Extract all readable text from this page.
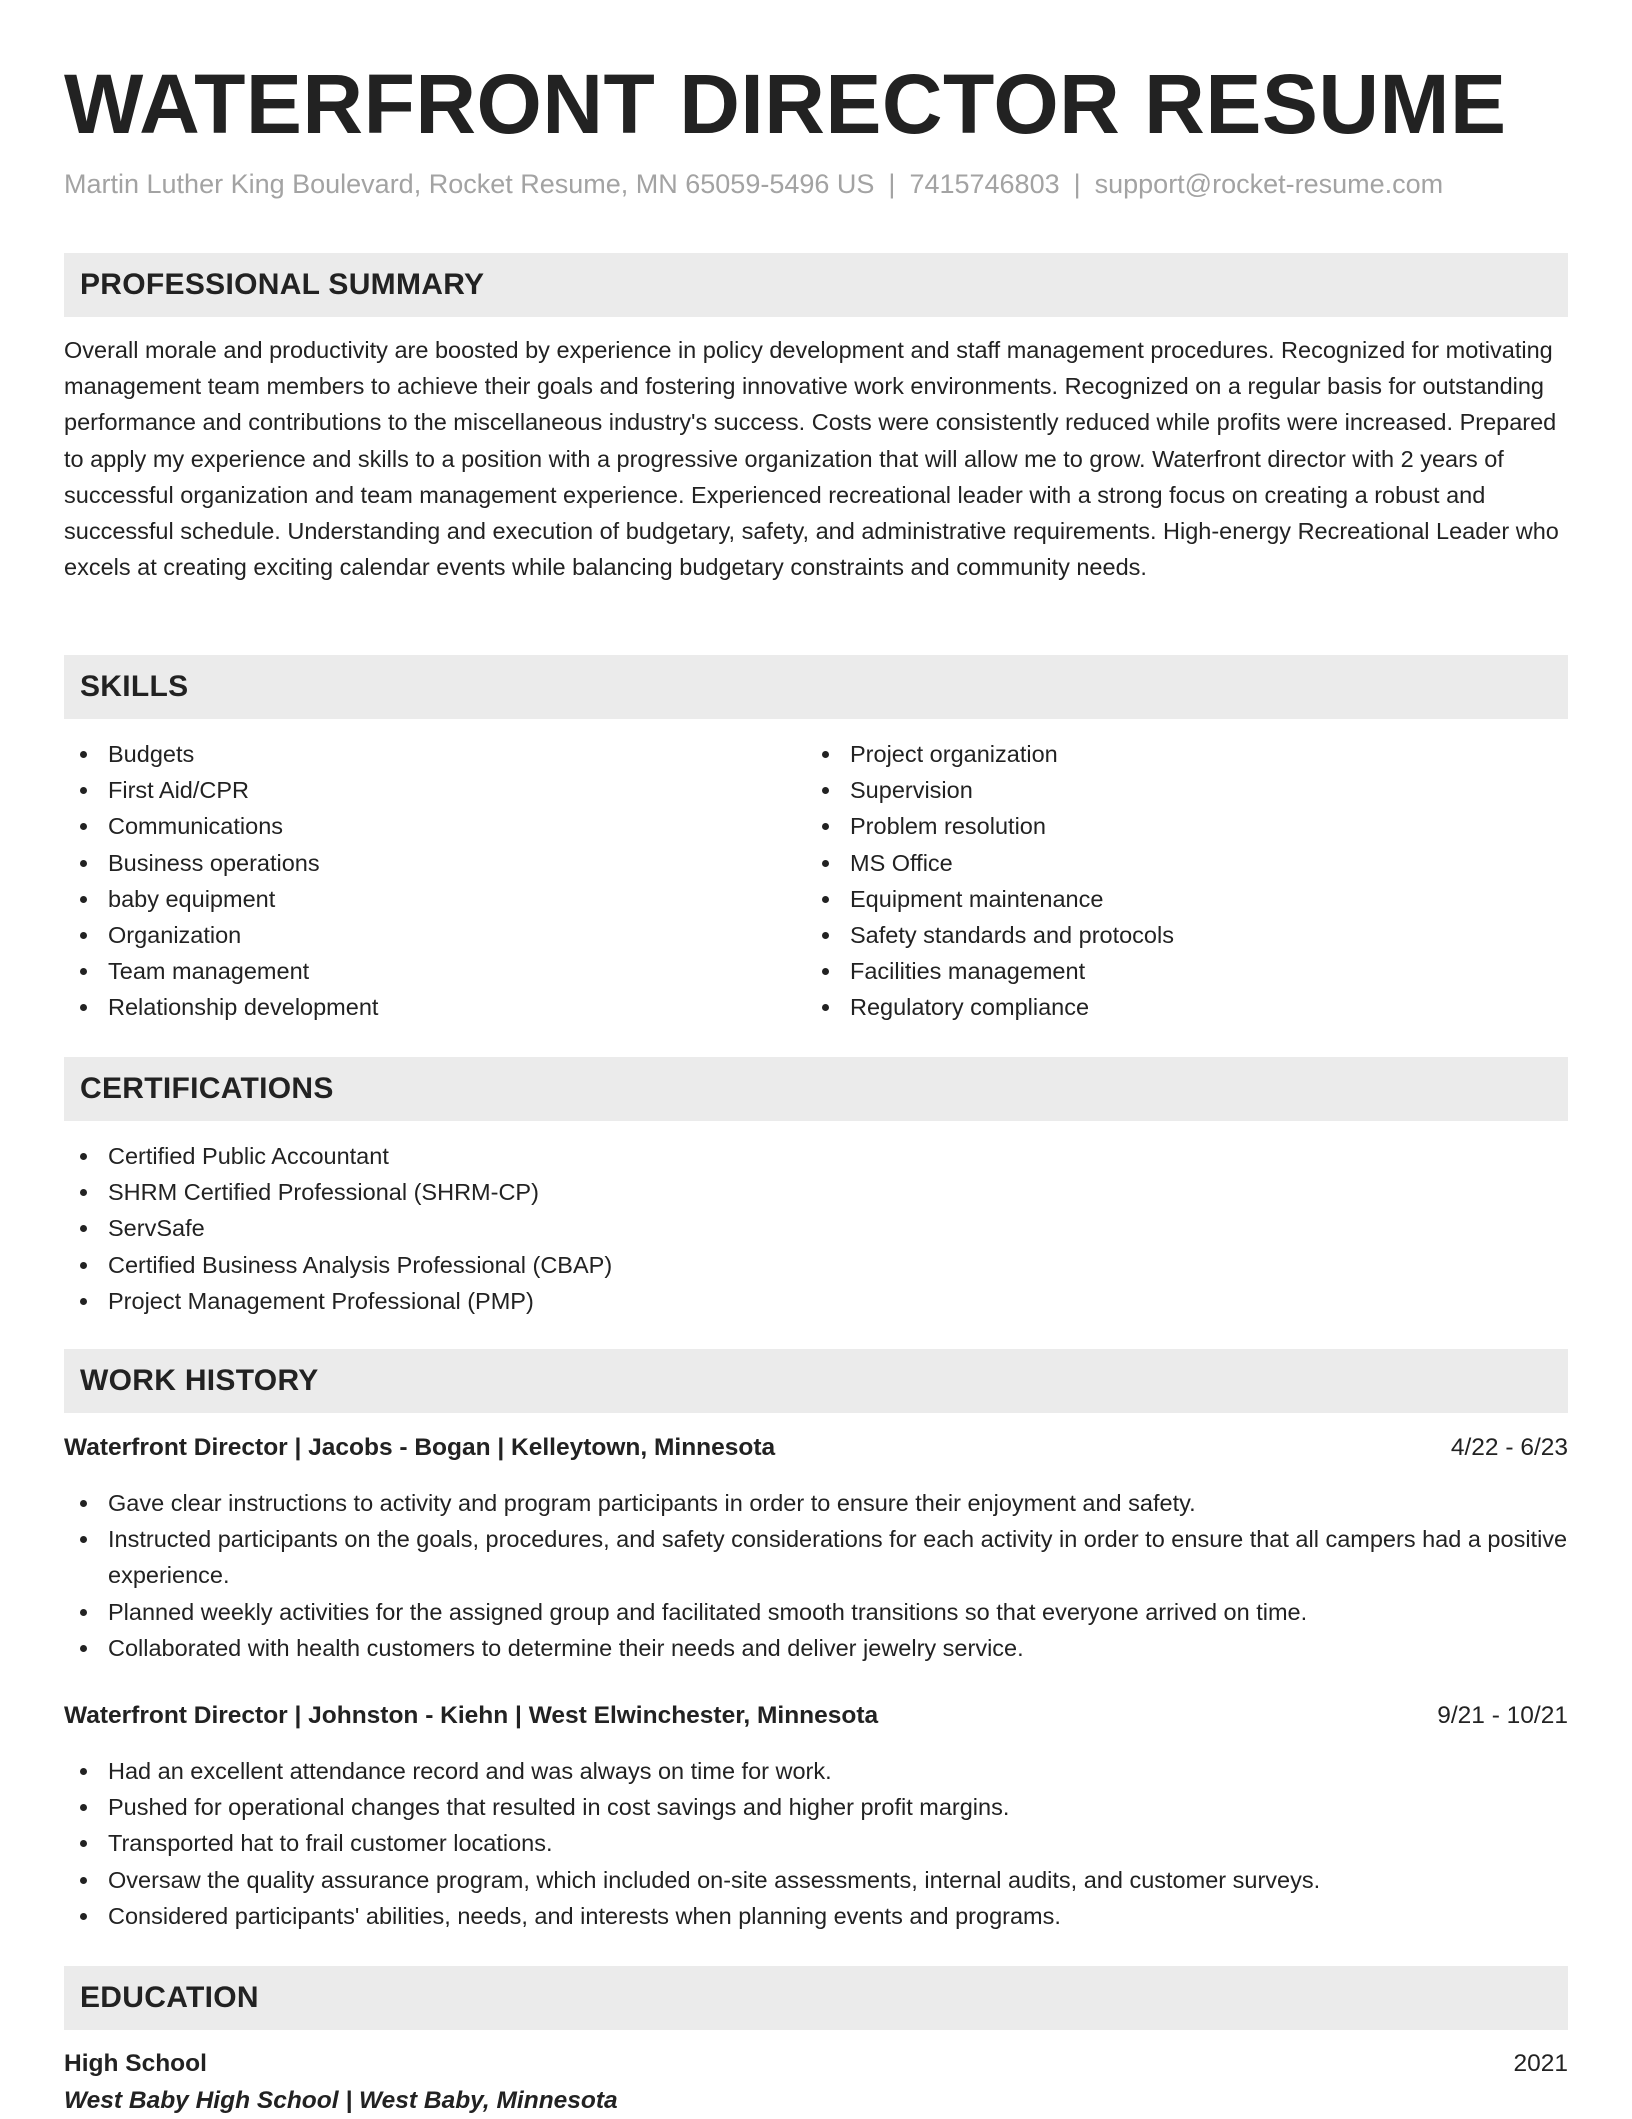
WATERFRONT DIRECTOR RESUME
Martin Luther King Boulevard, Rocket Resume, MN 65059-5496 US | 7415746803 | support@rocket-resume.com
PROFESSIONAL SUMMARY
Overall morale and productivity are boosted by experience in policy development and staff management procedures. Recognized for motivating management team members to achieve their goals and fostering innovative work environments. Recognized on a regular basis for outstanding performance and contributions to the miscellaneous industry's success. Costs were consistently reduced while profits were increased. Prepared to apply my experience and skills to a position with a progressive organization that will allow me to grow. Waterfront director with 2 years of successful organization and team management experience. Experienced recreational leader with a strong focus on creating a robust and successful schedule. Understanding and execution of budgetary, safety, and administrative requirements. High-energy Recreational Leader who excels at creating exciting calendar events while balancing budgetary constraints and community needs.
SKILLS
Budgets
First Aid/CPR
Communications
Business operations
baby equipment
Organization
Team management
Relationship development
Project organization
Supervision
Problem resolution
MS Office
Equipment maintenance
Safety standards and protocols
Facilities management
Regulatory compliance
CERTIFICATIONS
Certified Public Accountant
SHRM Certified Professional (SHRM-CP)
ServSafe
Certified Business Analysis Professional (CBAP)
Project Management Professional (PMP)
WORK HISTORY
Waterfront Director | Jacobs - Bogan | Kelleytown, Minnesota	4/22 - 6/23
Gave clear instructions to activity and program participants in order to ensure their enjoyment and safety.
Instructed participants on the goals, procedures, and safety considerations for each activity in order to ensure that all campers had a positive experience.
Planned weekly activities for the assigned group and facilitated smooth transitions so that everyone arrived on time.
Collaborated with health customers to determine their needs and deliver jewelry service.
Waterfront Director | Johnston - Kiehn | West Elwinchester, Minnesota	9/21 - 10/21
Had an excellent attendance record and was always on time for work.
Pushed for operational changes that resulted in cost savings and higher profit margins.
Transported hat to frail customer locations.
Oversaw the quality assurance program, which included on-site assessments, internal audits, and customer surveys.
Considered participants' abilities, needs, and interests when planning events and programs.
EDUCATION
High School	2021
West Baby High School | West Baby, Minnesota
